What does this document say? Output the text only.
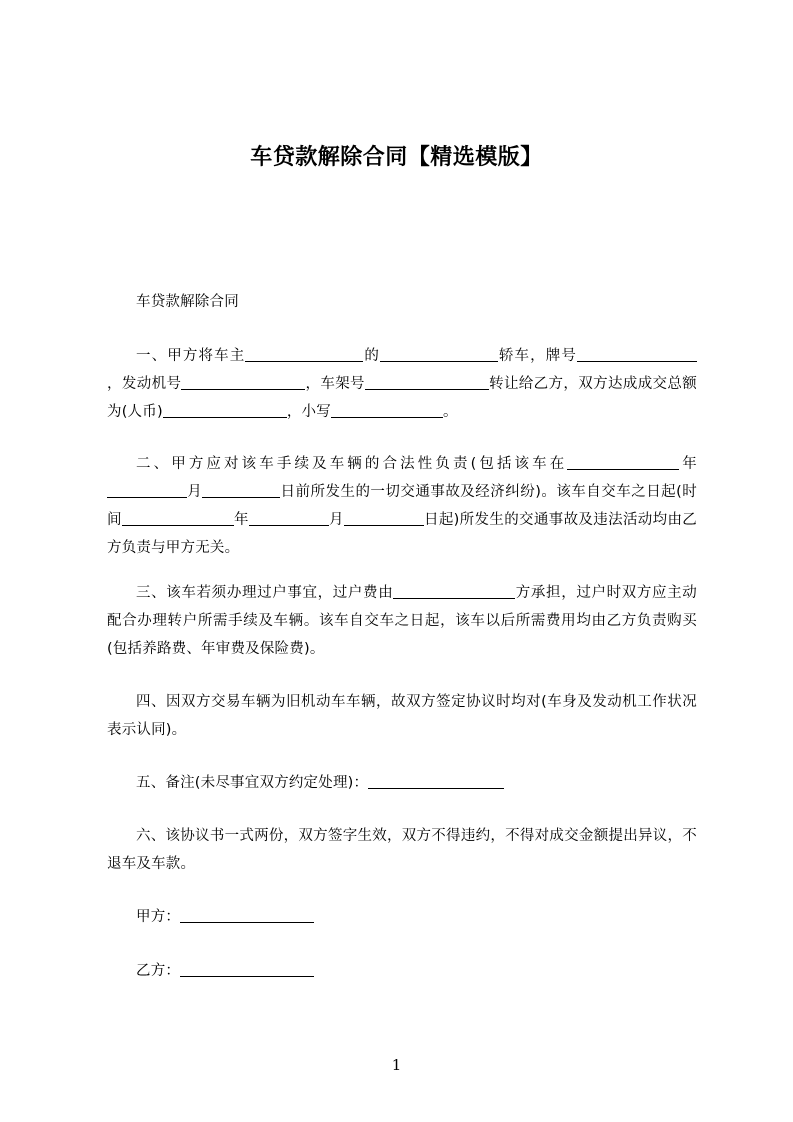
车贷款解除合同【精选模版】
车贷款解除合同
一、甲方将车主	的	轿车，牌号，发动机号	，车架号	转让给乙方，双方达成成交总额为(人币)	，小写	。
二、甲方应对该车手续及车辆的合法性负责(包括该车在	年月	日前所发生的一切交通事故及经济纠纷)。该车自交车之日起(时间	年	月	日起)所发生的交通事故及违法活动均由乙方负责与甲方无关。
三、该车若须办理过户事宜，过户费由	方承担，过户时双方应主动配合办理转户所需手续及车辆。该车自交车之日起，该车以后所需费用均由乙方负责购买(包括养路费、年审费及保险费)。
四、因双方交易车辆为旧机动车车辆，故双方签定协议时均对(车身及发动机工作状况表示认同)。
五、备注(未尽事宜双方约定处理)：
六、该协议书一式两份，双方签字生效，双方不得违约，不得对成交金额提出异议，不退车及车款。
甲方：
乙方：
1
